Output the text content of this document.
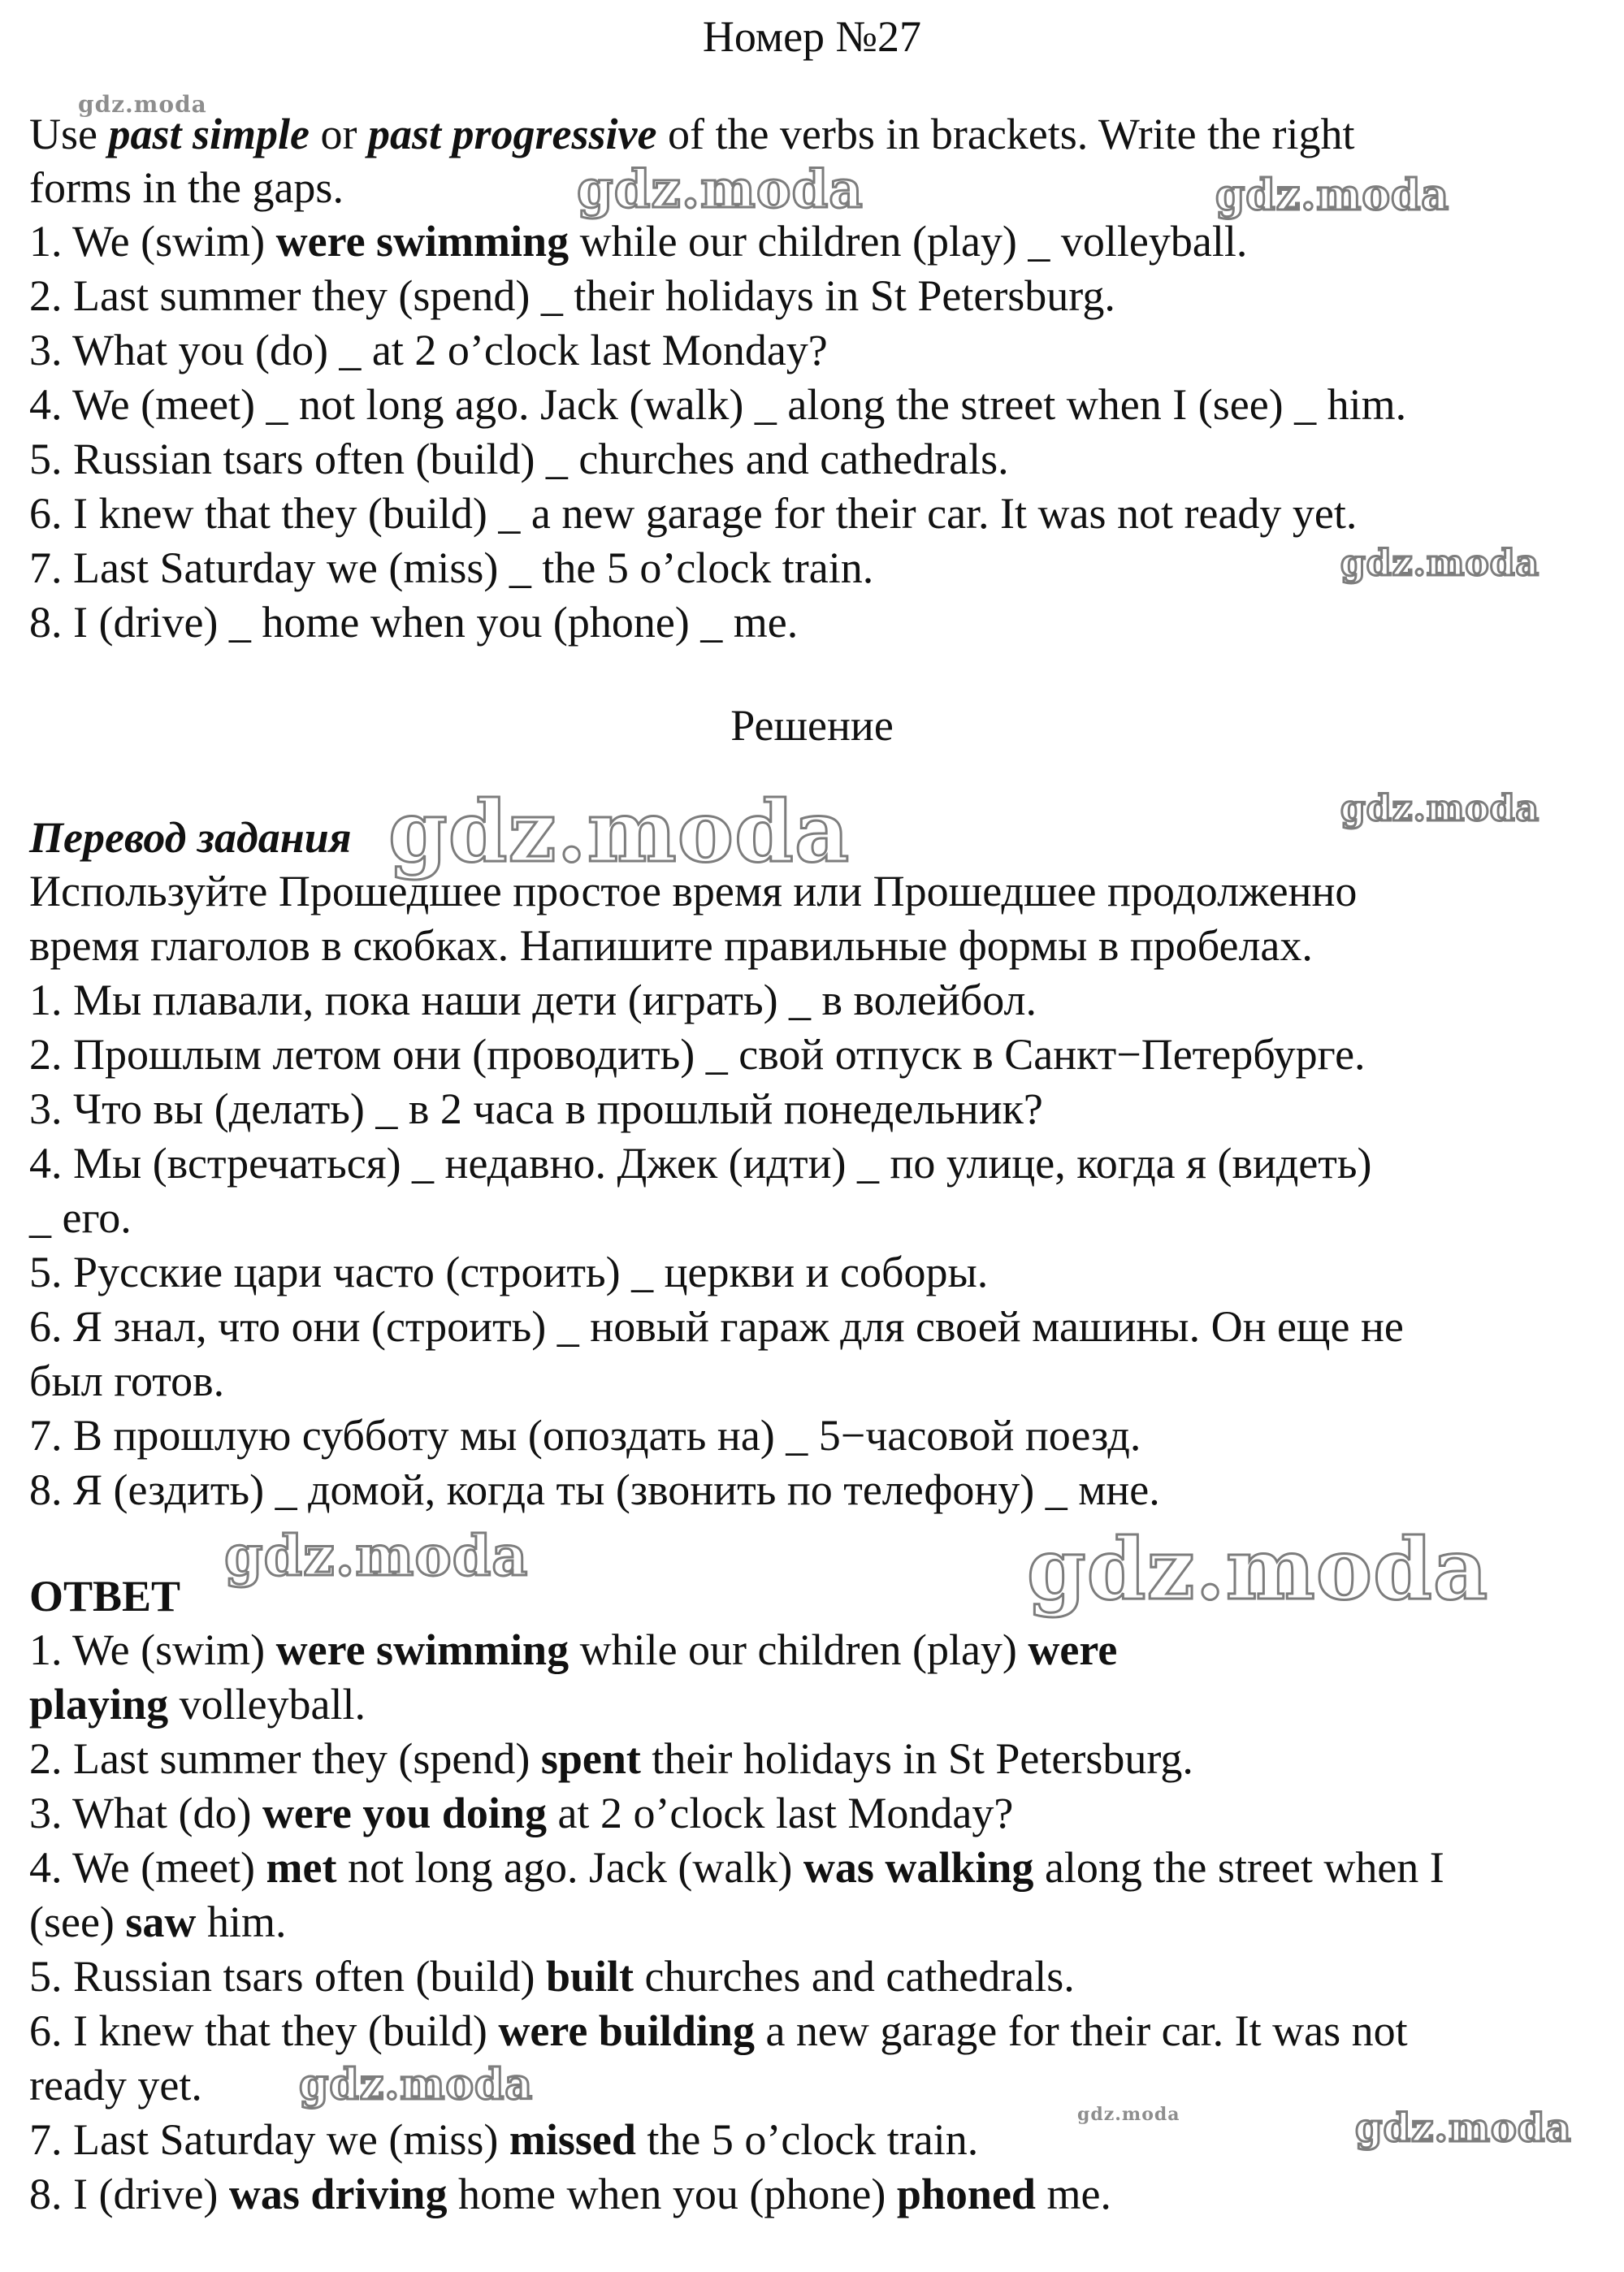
gdz.moda
gdz.moda	gdz.moda
gdz.moda
gdz.moda	gdz.moda
gdz.moda	gdz.moda
gdz.moda
gdz.moda	gdz.moda

Номер №27

Use past simple or past progressive of the verbs in brackets. Write the right

forms in the gaps.

1. We (swim) were swimming while our children (play) _ volleyball.

2. Last summer they (spend) _ their holidays in St Petersburg.

3. What you (do) _ at 2 o’clock last Monday?

4. We (meet) _ not long ago. Jack (walk) _ along the street when I (see) _ him.

5. Russian tsars often (build) _ churches and cathedrals.

6. I knew that they (build) _ a new garage for their car. It was not ready yet.

7. Last Saturday we (miss) _ the 5 o’clock train.

8. I (drive) _ home when you (phone) _ me.

Решение

Перевод задания

Используйте Прошедшее простое время или Прошедшее продолженно

время глаголов в скобках. Напишите правильные формы в пробелах.

1. Мы плавали, пока наши дети (играть) _ в волейбол.

2. Прошлым летом они (проводить) _ свой отпуск в Санкт−Петербурге.

3. Что вы (делать) _ в 2 часа в прошлый понедельник?

4. Мы (встречаться) _ недавно. Джек (идти) _ по улице, когда я (видеть)

_ его.

5. Русские цари часто (строить) _ церкви и соборы.

6. Я знал, что они (строить) _ новый гараж для своей машины. Он еще не

был готов.

7. В прошлую субботу мы (опоздать на) _ 5−часовой поезд.

8. Я (ездить) _ домой, когда ты (звонить по телефону) _ мне.

ОТВЕТ

1. We (swim) were swimming while our children (play) were

playing volleyball.

2. Last summer they (spend) spent their holidays in St Petersburg.

3. What (do) were you doing at 2 o’clock last Monday?

4. We (meet) met not long ago. Jack (walk) was walking along the street when I

(see) saw him.

5. Russian tsars often (build) built churches and cathedrals.

6. I knew that they (build) were building a new garage for their car. It was not

ready yet.

7. Last Saturday we (miss) missed the 5 o’clock train.

8. I (drive) was driving home when you (phone) phoned me.
